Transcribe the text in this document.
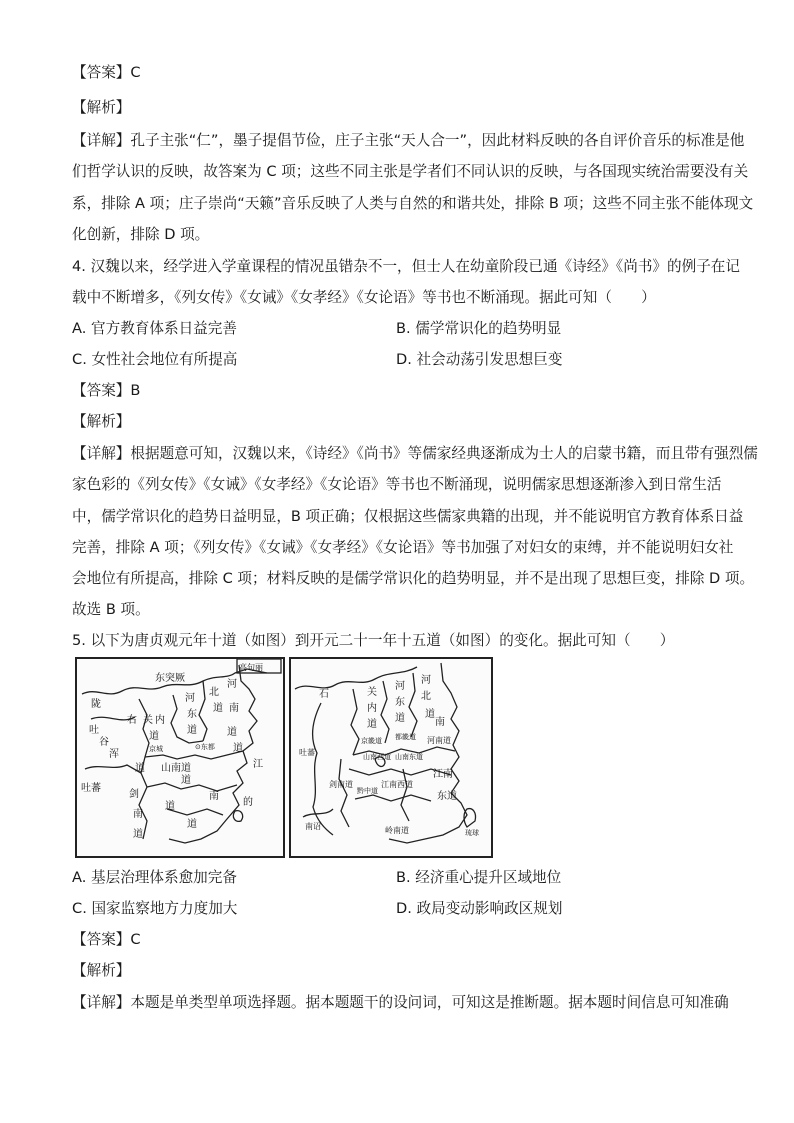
【答案】C
【解析】
【详解】孔子主张“仁”，墨子提倡节俭，庄子主张“天人合一”，因此材料反映的各自评价音乐的标准是他
们哲学认识的反映，故答案为 C 项；这些不同主张是学者们不同认识的反映，与各国现实统治需要没有关
系，排除 A 项；庄子崇尚“天籁”音乐反映了人类与自然的和谐共处，排除 B 项；这些不同主张不能体现文
化创新，排除 D 项。
4. 汉魏以来，经学进入学童课程的情况虽错杂不一，但士人在幼童阶段已通《诗经》《尚书》的例子在记
载中不断增多，《列女传》《女诫》《女孝经》《女论语》等书也不断涌现。据此可知（　　）
A. 官方教育体系日益完善	B. 儒学常识化的趋势明显
C. 女性社会地位有所提高	D. 社会动荡引发思想巨变
【答案】B
【解析】
【详解】根据题意可知，汉魏以来，《诗经》《尚书》等儒家经典逐渐成为士人的启蒙书籍，而且带有强烈儒
家色彩的《列女传》《女诫》《女孝经》《女论语》等书也不断涌现，说明儒家思想逐渐渗入到日常生活
中，儒学常识化的趋势日益明显，B 项正确；仅根据这些儒家典籍的出现，并不能说明官方教育体系日益
完善，排除 A 项；《列女传》《女诫》《女孝经》《女论语》等书加强了对妇女的束缚，并不能说明妇女社
会地位有所提高，排除 C 项；材料反映的是儒学常识化的趋势明显，并不是出现了思想巨变，排除 D 项。
故选 B 项。
5. 以下为唐贞观元年十道（如图）到开元二十一年十五道（如图）的变化。据此可知（　　）
东突厥
高句丽
陇
吐
谷
浑
右 关 内
道
京城
河
东
道
北
河
道 南
⊙东都
道
道
山南道
道
吐蕃
剑
南
道
江
道
南
的
道
道
河
北
道
河
东
道
石	关
内
道
京畿道 都畿道
山南西道 山南东道
河南道
南
吐蕃
剑南道
黔中道
江南西道
江南
东道
岭南道
南诏
琉球
A. 基层治理体系愈加完备	B. 经济重心提升区域地位
C. 国家监察地方力度加大	D. 政局变动影响政区规划
【答案】C
【解析】
【详解】本题是单类型单项选择题。据本题题干的设问词，可知这是推断题。据本题时间信息可知准确
